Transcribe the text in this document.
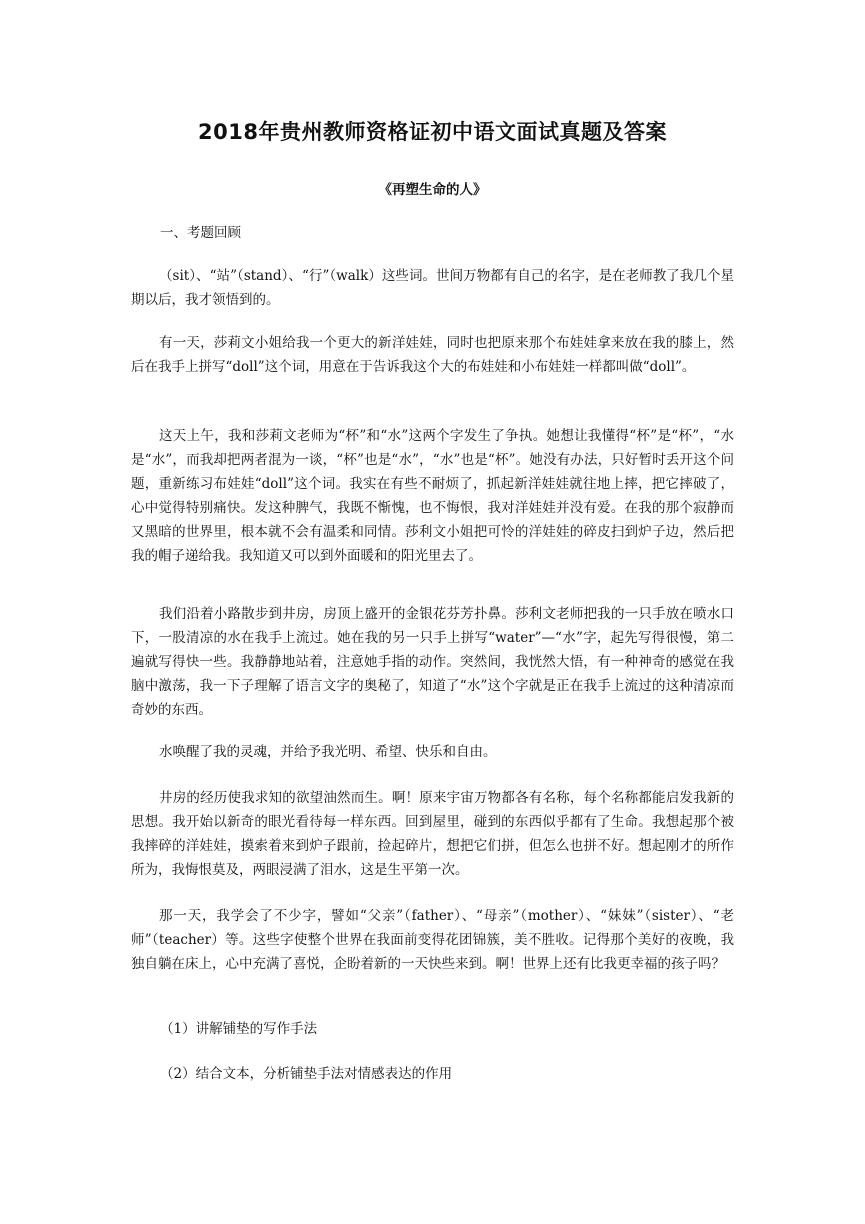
2018年贵州教师资格证初中语文面试真题及答案
《再塑生命的人》
一、考题回顾

（sit）、“站”（stand）、“行”（walk）这些词。世间万物都有自己的名字，是在老师教了我几个星期以后，我才领悟到的。

有一天，莎莉文小姐给我一个更大的新洋娃娃，同时也把原来那个布娃娃拿来放在我的膝上，然后在我手上拼写“doll”这个词，用意在于告诉我这个大的布娃娃和小布娃娃一样都叫做“doll”。

这天上午，我和莎莉文老师为“杯”和“水”这两个字发生了争执。她想让我懂得“杯”是“杯”，“水是“水”，而我却把两者混为一谈，“杯”也是“水”，“水”也是“杯”。她没有办法，只好暂时丢开这个问题，重新练习布娃娃“doll”这个词。我实在有些不耐烦了，抓起新洋娃娃就往地上摔，把它摔破了，心中觉得特别痛快。发这种脾气，我既不惭愧，也不悔恨，我对洋娃娃并没有爱。在我的那个寂静而又黑暗的世界里，根本就不会有温柔和同情。莎利文小姐把可怜的洋娃娃的碎皮扫到炉子边，然后把我的帽子递给我。我知道又可以到外面暖和的阳光里去了。

我们沿着小路散步到井房，房顶上盛开的金银花芬芳扑鼻。莎利文老师把我的一只手放在喷水口下，一股清凉的水在我手上流过。她在我的另一只手上拼写“water”—“水”字，起先写得很慢，第二遍就写得快一些。我静静地站着，注意她手指的动作。突然间，我恍然大悟，有一种神奇的感觉在我脑中激荡，我一下子理解了语言文字的奥秘了，知道了“水”这个字就是正在我手上流过的这种清凉而奇妙的东西。

水唤醒了我的灵魂，并给予我光明、希望、快乐和自由。

井房的经历使我求知的欲望油然而生。啊！原来宇宙万物都各有名称，每个名称都能启发我新的思想。我开始以新奇的眼光看待每一样东西。回到屋里，碰到的东西似乎都有了生命。我想起那个被我摔碎的洋娃娃，摸索着来到炉子跟前，捡起碎片，想把它们拼，但怎么也拼不好。想起刚才的所作所为，我悔恨莫及，两眼浸满了泪水，这是生平第一次。

那一天，我学会了不少字，譬如“父亲”（father）、“母亲”（mother）、“妹妹”（sister）、“老师”（teacher）等。这些字使整个世界在我面前变得花团锦簇，美不胜收。记得那个美好的夜晚，我独自躺在床上，心中充满了喜悦，企盼着新的一天快些来到。啊！世界上还有比我更幸福的孩子吗？

（1）讲解铺垫的写作手法

（2）结合文本，分析铺垫手法对情感表达的作用
